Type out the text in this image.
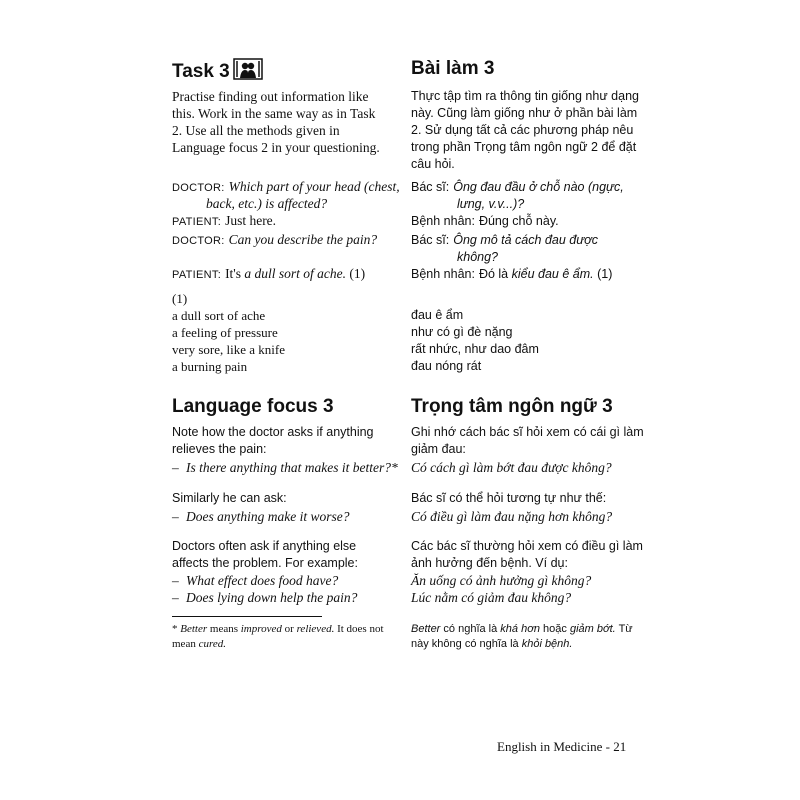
Task 3

Practise finding out information like this. Work in the same way as in Task 2. Use all the methods given in Language focus 2 in your questioning.

DOCTOR: Which part of your head (chest,
back, etc.) is affected?
PATIENT: Just here.
DOCTOR: Can you describe the pain?
PATIENT: It's a dull sort of ache. (1)
(1)
a dull sort of ache
a feeling of pressure
very sore, like a knife
a burning pain
Language focus 3

Note how the doctor asks if anything relieves the pain:

– Is there anything that makes it better?*

Similarly he can ask:

– Does anything make it worse?

Doctors often ask if anything else affects the problem. For example:

– What effect does food have?
– Does lying down help the pain?

* Better means improved or relieved. It does not mean cured.

Bài làm 3

Thực tập tìm ra thông tin giống như dạng này. Cũng làm giống như ở phần bài làm 2. Sử dụng tất cả các phương pháp nêu trong phần Trọng tâm ngôn ngữ 2 để đặt câu hỏi.

Bác sĩ: Ông đau đầu ở chỗ nào (ngực,
lưng, v.v...)?
Bệnh nhân: Đúng chỗ này.
Bác sĩ: Ông mô tả cách đau được
không?
Bệnh nhân: Đó là kiểu đau ê ẩm. (1)
đau ê ẩm
như có gì đè nặng
rất nhức, như dao đâm
đau nóng rát
Trọng tâm ngôn ngữ 3

Ghi nhớ cách bác sĩ hỏi xem có cái gì làm giảm đau:

Có cách gì làm bớt đau được không?

Bác sĩ có thể hỏi tương tự như thế:

Có điều gì làm đau nặng hơn không?

Các bác sĩ thường hỏi xem có điều gì làm ảnh hưởng đến bệnh. Ví dụ:

Ăn uống có ảnh hưởng gì không?
Lúc nằm có giảm đau không?

Better có nghĩa là khá hơn hoặc giảm bớt. Từ này không có nghĩa là khỏi bệnh.

English in Medicine - 21
